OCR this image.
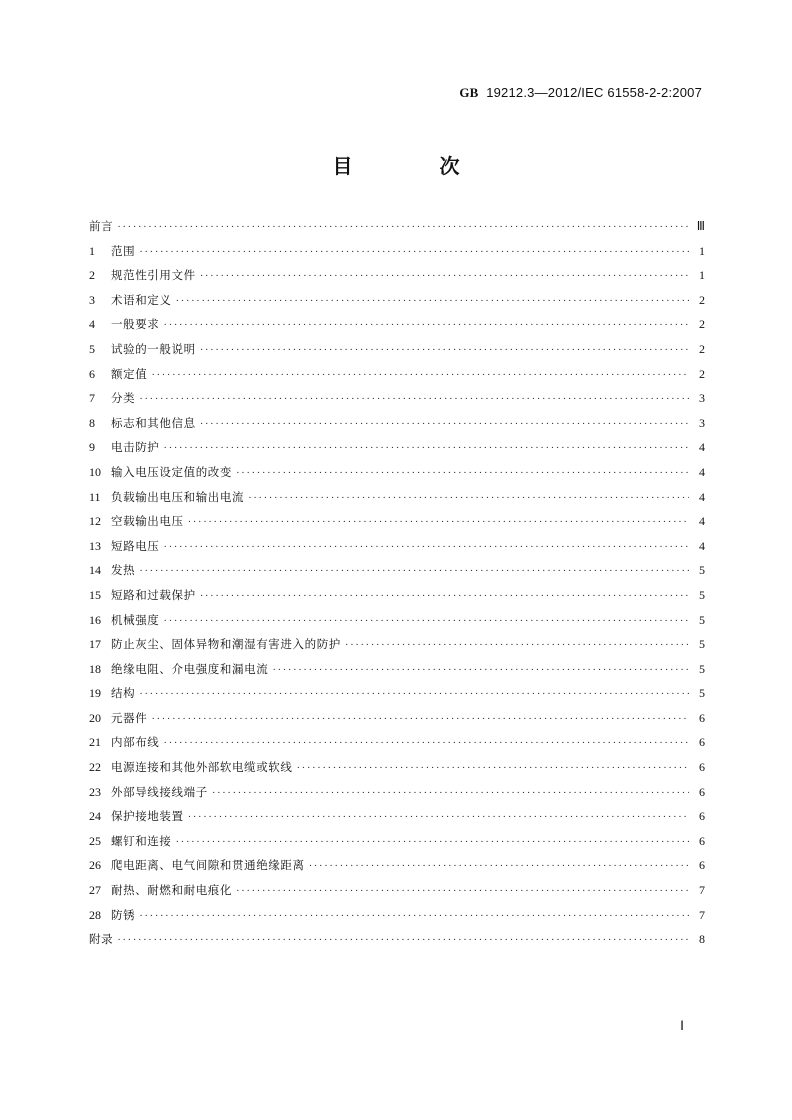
GB 19212.3—2012/IEC 61558-2-2:2007
目 次
前言 ·····	Ⅲ
1	范围 ·····	1
2	规范性引用文件 ·····	1
3	术语和定义 ·····	2
4	一般要求 ·····	2
5	试验的一般说明 ·····	2
6	额定值 ·····	2
7	分类 ·····	3
8	标志和其他信息 ·····	3
9	电击防护 ·····	4
10 输入电压设定值的改变 ·····	4
11 负载输出电压和输出电流 ·····	4
12 空载输出电压 ·····	4
13 短路电压 ·····	4
14 发热 ·····	5
15 短路和过载保护 ·····	5
16 机械强度 ·····	5
17 防止灰尘、固体异物和潮湿有害进入的防护 ·····	5
18 绝缘电阻、介电强度和漏电流 ·····	5
19 结构 ·····	5
20 元器件 ·····	6
21 内部布线 ·····	6
22 电源连接和其他外部软电缆或软线 ·····	6
23 外部导线接线端子 ·····	6
24 保护接地装置 ·····	6
25 螺钉和连接 ·····	6
26 爬电距离、电气间隙和贯通绝缘距离 ·····	6
27 耐热、耐燃和耐电痕化 ·····	7
28 防锈 ·····	7
附录 ·····	8
Ⅰ
